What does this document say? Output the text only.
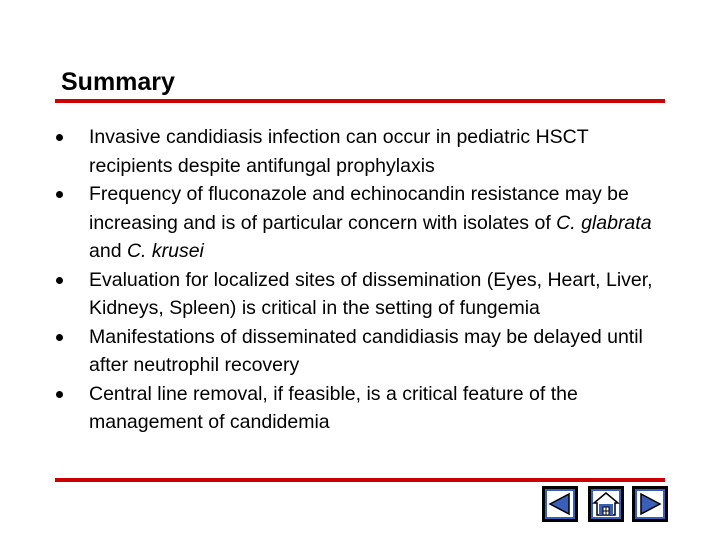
Summary
Invasive candidiasis infection can occur in pediatric HSCT recipients despite antifungal prophylaxis
Frequency of fluconazole and echinocandin resistance may be increasing and is of particular concern with isolates of C. glabrata and C. krusei
Evaluation for localized sites of dissemination (Eyes, Heart, Liver, Kidneys, Spleen) is critical in the setting of fungemia
Manifestations of disseminated candidiasis may be delayed until after neutrophil recovery
Central line removal, if feasible, is a critical feature of the management of candidemia
